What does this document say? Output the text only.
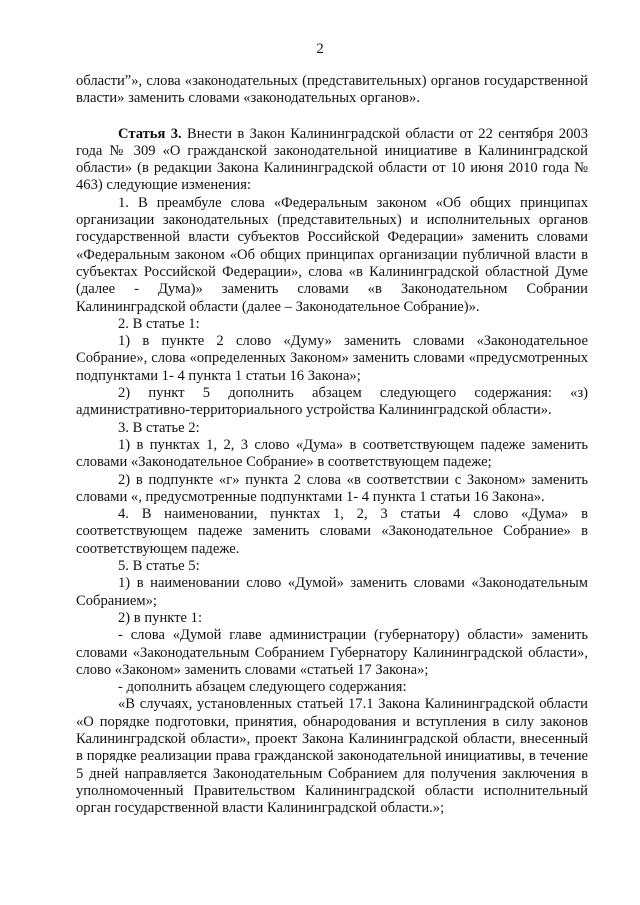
2

областиˮ», слова «законодательных (представительных) органов государственной власти» заменить словами «законодательных органов».

Статья 3. Внести в Закон Калининградской области от 22 сентября 2003 года № 309 «О гражданской законодательной инициативе в Калининградской области» (в редакции Закона Калининградской области от 10 июня 2010 года № 463) следующие изменения:

1. В преамбуле слова «Федеральным законом «Об общих принципах организации законодательных (представительных) и исполнительных органов государственной власти субъектов Российской Федерации» заменить словами «Федеральным законом «Об общих принципах организации публичной власти в субъектах Российской Федерации», слова «в Калининградской областной Думе (далее - Дума)» заменить словами «в Законодательном Собрании Калининградской области (далее – Законодательное Собрание)».

2. В статье 1:

1) в пункте 2 слово «Думу» заменить словами «Законодательное Собрание», слова «определенных Законом» заменить словами «предусмотренных подпунктами 1- 4 пункта 1 статьи 16 Закона»;

2) пункт 5 дополнить абзацем следующего содержания: «з) административно-территориального устройства Калининградской области».

3. В статье 2:

1) в пунктах 1, 2, 3 слово «Дума» в соответствующем падеже заменить словами «Законодательное Собрание» в соответствующем падеже;

2) в подпункте «г» пункта 2 слова «в соответствии с Законом» заменить словами «, предусмотренные подпунктами 1- 4 пункта 1 статьи 16 Закона».

4. В наименовании, пунктах 1, 2, 3 статьи 4 слово «Дума» в соответствующем падеже заменить словами «Законодательное Собрание» в соответствующем падеже.

5. В статье 5:

1) в наименовании слово «Думой» заменить словами «Законодательным Собранием»;

2) в пункте 1:

- слова «Думой главе администрации (губернатору) области» заменить словами «Законодательным Собранием Губернатору Калининградской области», слово «Законом» заменить словами «статьей 17 Закона»;

- дополнить абзацем следующего содержания:

«В случаях, установленных статьей 17.1 Закона Калининградской области «О порядке подготовки, принятия, обнародования и вступления в силу законов Калининградской области», проект Закона Калининградской области, внесенный в порядке реализации права гражданской законодательной инициативы, в течение 5 дней направляется Законодательным Собранием для получения заключения в уполномоченный Правительством Калининградской области исполнительный орган государственной власти Калининградской области.»;
